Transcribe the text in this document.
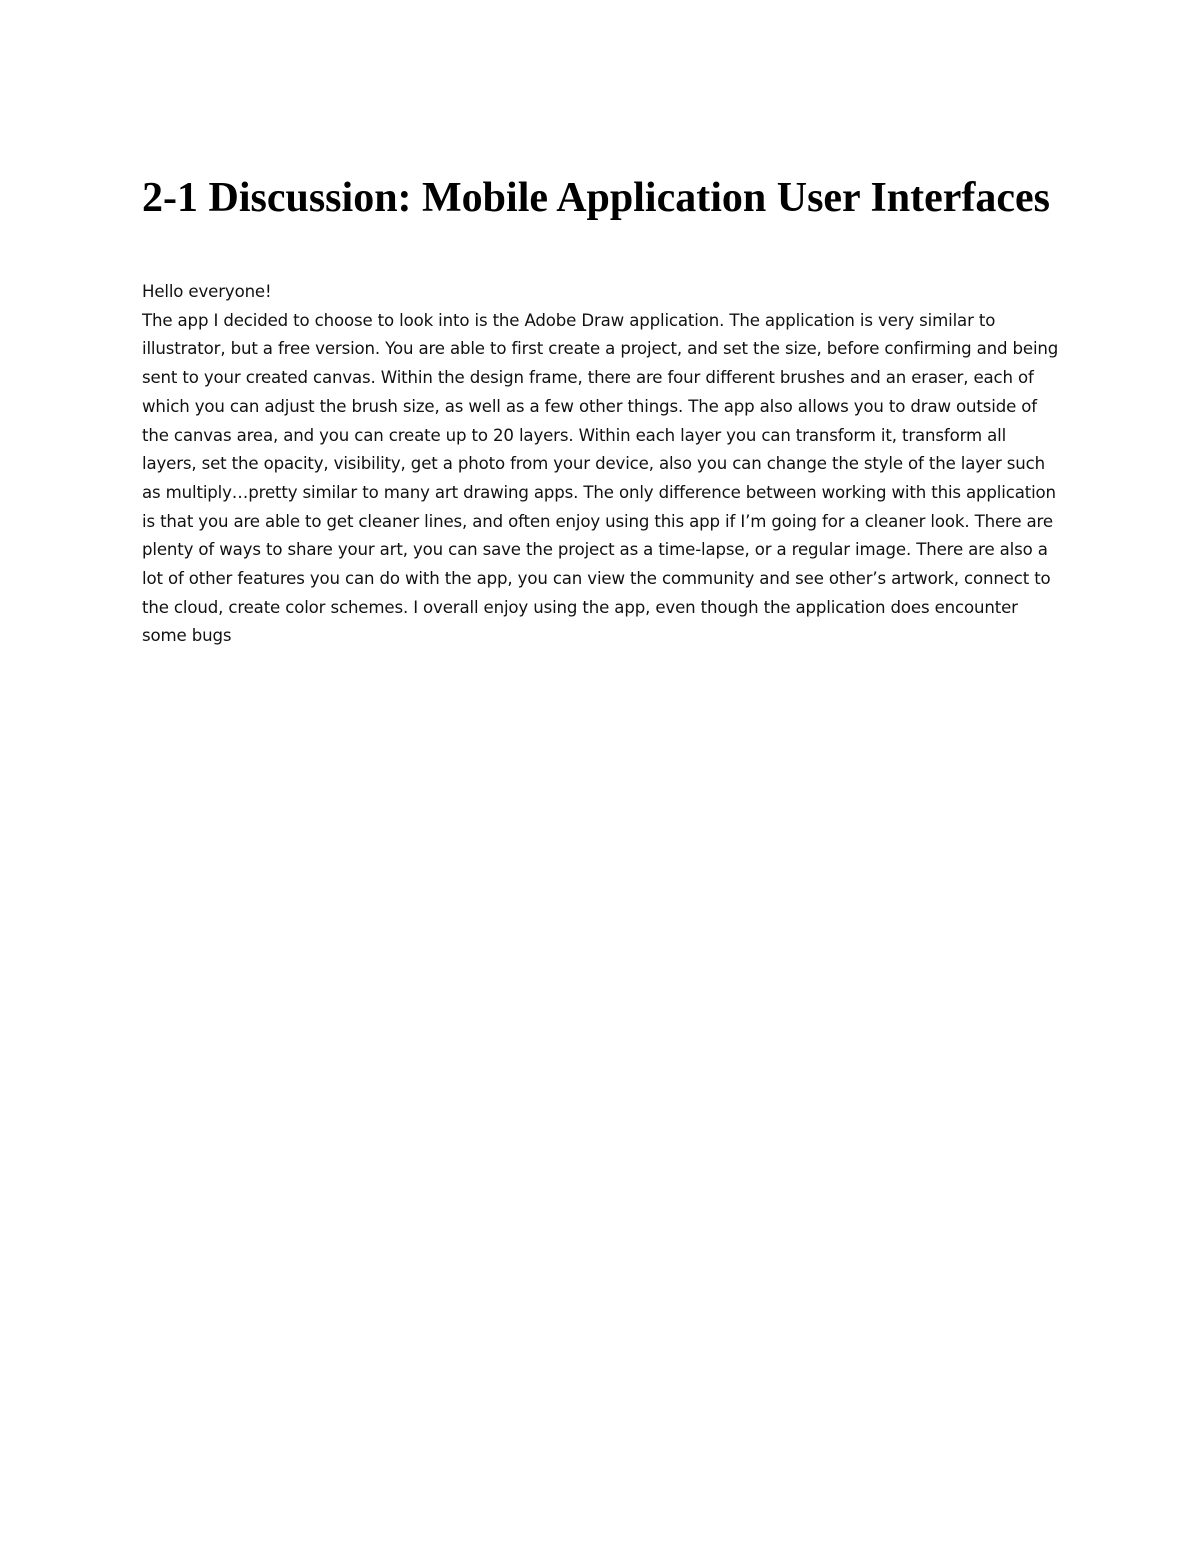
2-1 Discussion: Mobile Application User Interfaces
Hello everyone!

The app I decided to choose to look into is the Adobe Draw application. The application is very similar to illustrator, but a free version. You are able to first create a project, and set the size, before confirming and being sent to your created canvas. Within the design frame, there are four different brushes and an eraser, each of which you can adjust the brush size, as well as a few other things. The app also allows you to draw outside of the canvas area, and you can create up to 20 layers. Within each layer you can transform it, transform all layers, set the opacity, visibility, get a photo from your device, also you can change the style of the layer such as multiply…pretty similar to many art drawing apps. The only difference between working with this application is that you are able to get cleaner lines, and often enjoy using this app if I’m going for a cleaner look. There are plenty of ways to share your art, you can save the project as a time-lapse, or a regular image. There are also a lot of other features you can do with the app, you can view the community and see other’s artwork, connect to the cloud, create color schemes. I overall enjoy using the app, even though the application does encounter some bugs
